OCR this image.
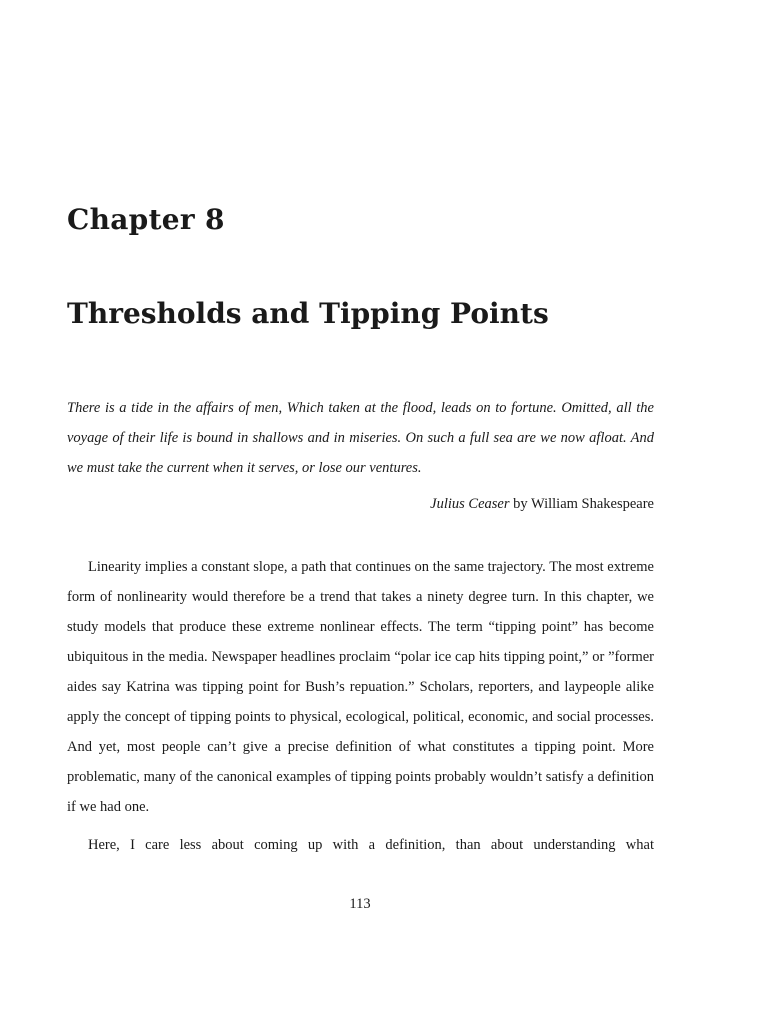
Chapter 8
Thresholds and Tipping Points

There is a tide in the affairs of men, Which taken at the flood, leads on to fortune. Omitted, all the voyage of their life is bound in shallows and in miseries. On such a full sea are we now afloat. And we must take the current when it serves, or lose our ventures.

Julius Ceaser by William Shakespeare

Linearity implies a constant slope, a path that continues on the same trajectory. The most extreme form of nonlinearity would therefore be a trend that takes a ninety degree turn. In this chapter, we study models that produce these extreme nonlinear effects. The term “tipping point” has become ubiquitous in the media. Newspaper headlines proclaim “polar ice cap hits tipping point,” or ”former aides say Katrina was tipping point for Bush’s repuation.” Scholars, reporters, and laypeople alike apply the concept of tipping points to physical, ecological, political, economic, and social processes. And yet, most people can’t give a precise definition of what constitutes a tipping point. More problematic, many of the canonical examples of tipping points probably wouldn’t satisfy a definition if we had one.

Here, I care less about coming up with a definition, than about understanding what

113
